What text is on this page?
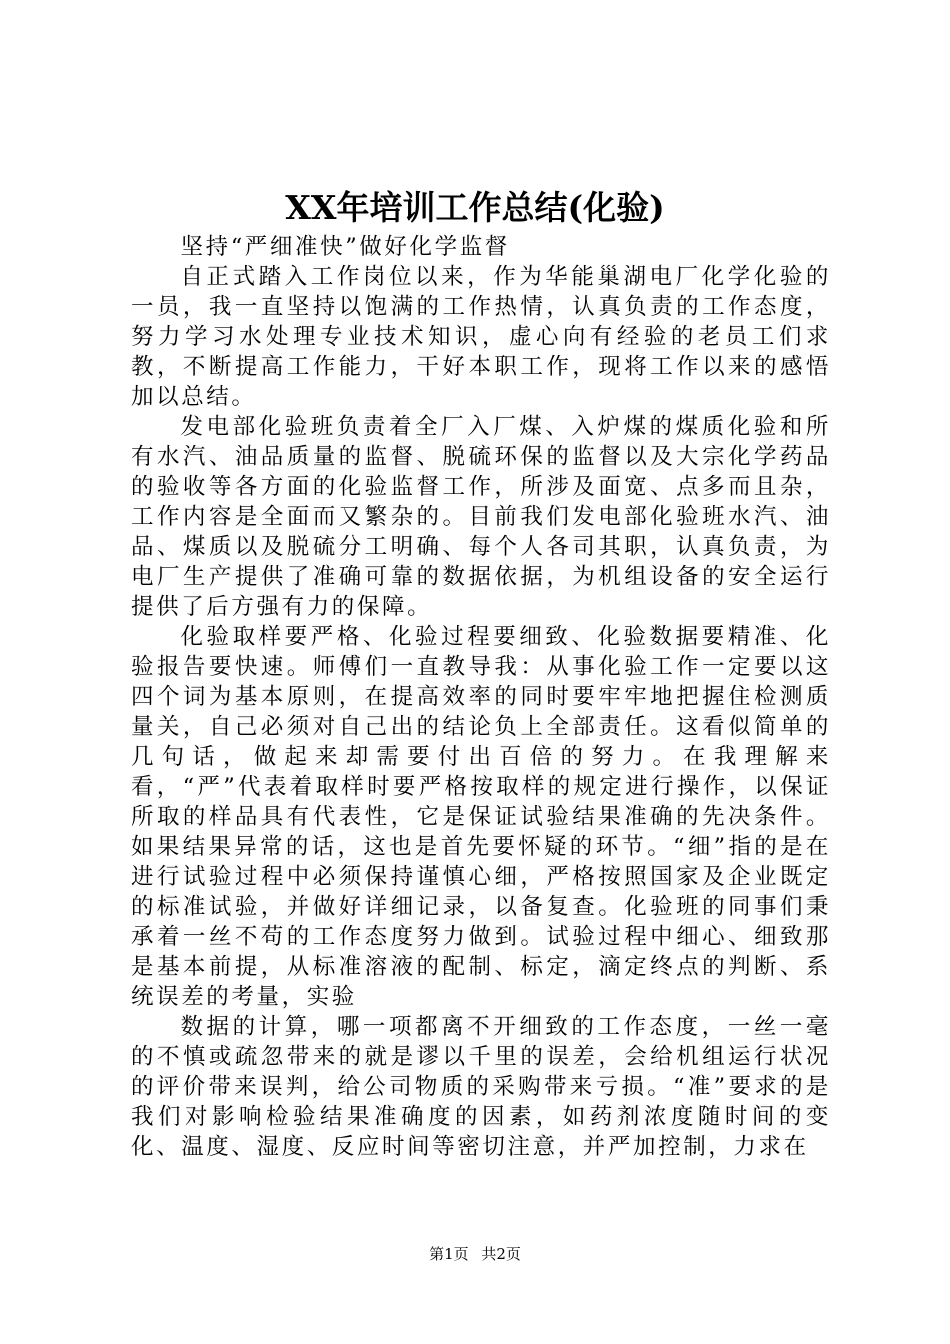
XX年培训工作总结(化验)

坚持“严细准快”做好化学监督

自正式踏入工作岗位以来，作为华能巢湖电厂化学化验的一员，我一直坚持以饱满的工作热情，认真负责的工作态度，努力学习水处理专业技术知识，虚心向有经验的老员工们求教，不断提高工作能力，干好本职工作，现将工作以来的感悟加以总结。

发电部化验班负责着全厂入厂煤、入炉煤的煤质化验和所有水汽、油品质量的监督、脱硫环保的监督以及大宗化学药品的验收等各方面的化验监督工作，所涉及面宽、点多而且杂，工作内容是全面而又繁杂的。目前我们发电部化验班水汽、油品、煤质以及脱硫分工明确、每个人各司其职，认真负责，为电厂生产提供了准确可靠的数据依据，为机组设备的安全运行提供了后方强有力的保障。

化验取样要严格、化验过程要细致、化验数据要精准、化验报告要快速。师傅们一直教导我：从事化验工作一定要以这四个词为基本原则，在提高效率的同时要牢牢地把握住检测质量关，自己必须对自己出的结论负上全部责任。这看似简单的几句话，做起来却需要付出百倍的努力。在我理解来看，“严”代表着取样时要严格按取样的规定进行操作，以保证所取的样品具有代表性，它是保证试验结果准确的先决条件。如果结果异常的话，这也是首先要怀疑的环节。“细”指的是在进行试验过程中必须保持谨慎心细，严格按照国家及企业既定的标准试验，并做好详细记录，以备复查。化验班的同事们秉承着一丝不苟的工作态度努力做到。试验过程中细心、细致那是基本前提，从标准溶液的配制、标定，滴定终点的判断、系统误差的考量，实验

数据的计算，哪一项都离不开细致的工作态度，一丝一毫的不慎或疏忽带来的就是谬以千里的误差，会给机组运行状况的评价带来误判，给公司物质的采购带来亏损。“准”要求的是我们对影响检验结果准确度的因素，如药剂浓度随时间的变化、温度、湿度、反应时间等密切注意，并严加控制，力求在

第1页 共2页
